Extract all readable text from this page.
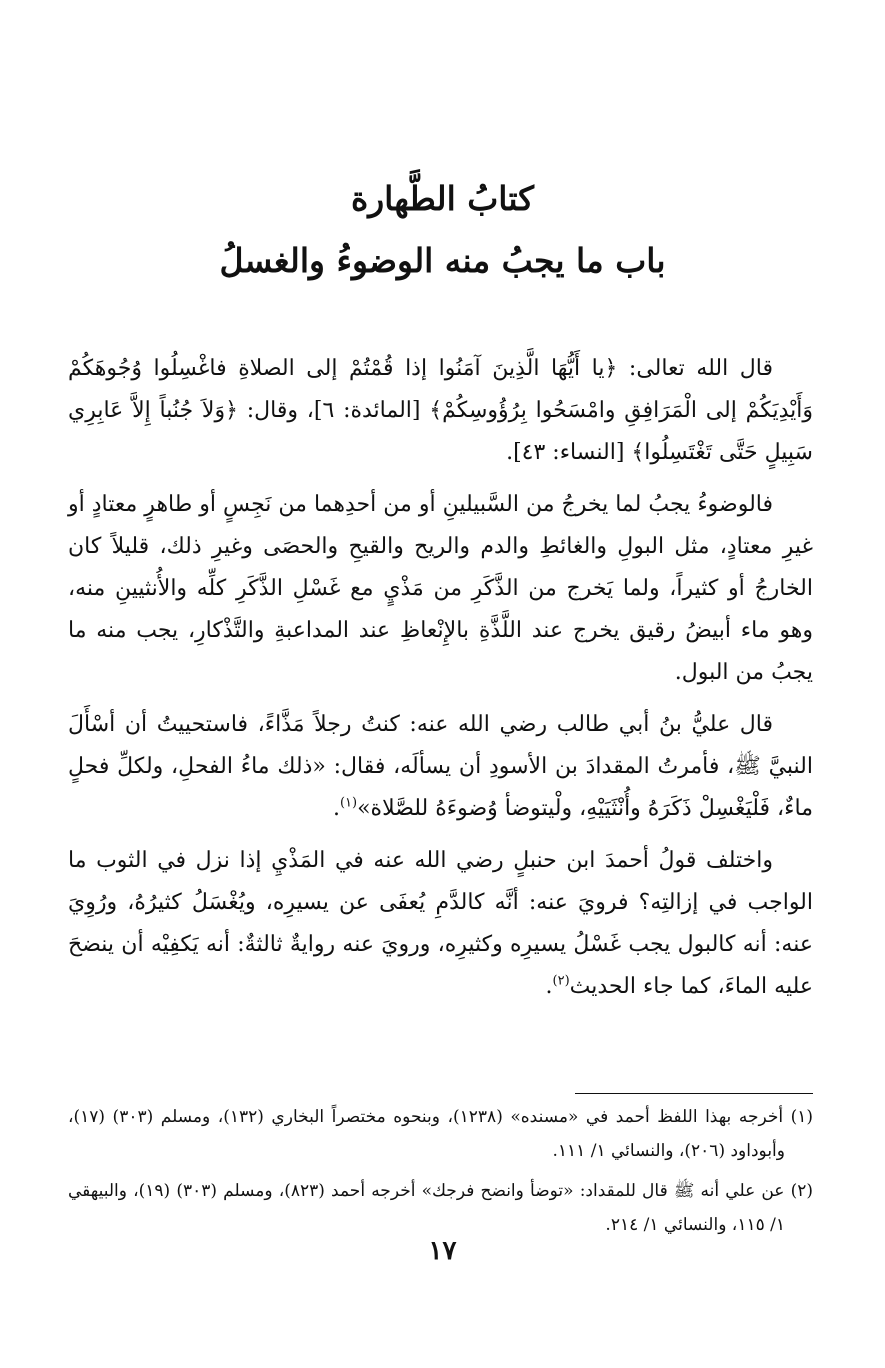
كتابُ الطَّهارة
باب ما يجبُ منه الوضوءُ والغسلُ

قال الله تعالى: ﴿يا أَيُّهَا الَّذِينَ آمَنُوا إذا قُمْتُمْ إلى الصلاةِ فاغْسِلُوا وُجُوهَكُمْ وَأَيْدِيَكُمْ إلى الْمَرَافِقِ وامْسَحُوا بِرُؤُوسِكُمْ﴾ [المائدة: ٦]، وقال: ﴿وَلاَ جُنُباً إِلاَّ عَابِرِي سَبِيلٍ حَتَّى تَغْتَسِلُوا﴾ [النساء: ٤٣].

فالوضوءُ يجبُ لما يخرجُ من السَّبيلينِ أو من أحدِهما من نَجِسٍ أو طاهرٍ معتادٍ أو غيرِ معتادٍ، مثل البولِ والغائطِ والدم والريح والقيحِ والحصَى وغيرِ ذلك، قليلاً كان الخارجُ أو كثيراً، ولما يَخرج من الذَّكَرِ من مَذْيٍ مع غَسْلِ الذَّكَرِ كلِّه والأُنثيينِ منه، وهو ماء أبيضُ رقيق يخرج عند اللَّذَّةِ بالإِنْعاظِ عند المداعبةِ والتَّذْكارِ، يجب منه ما يجبُ من البول.

قال عليُّ بنُ أبي طالب رضي الله عنه: كنتُ رجلاً مَذَّاءً، فاستحييتُ أن أسْأَلَ النبيَّ ﷺ، فأمرتُ المقدادَ بن الأسودِ أن يسألَه، فقال: «ذلك ماءُ الفحلِ، ولكلِّ فحلٍ ماءٌ، فَلْيَغْسِلْ ذَكَرَهُ وأُنْثَيَيْهِ، ولْيتوضأ وُضوءَهُ للصَّلاة»$^{(١)}$.

واختلف قولُ أحمدَ ابن حنبلٍ رضي الله عنه في المَذْيِ إذا نزل في الثوب ما الواجب في إزالتِه؟ فرويَ عنه: أنَّه كالدَّمِ يُعفَى عن يسيرِه، ويُغْسَلُ كثيرُهُ، ورُوِيَ عنه: أنه كالبول يجب غَسْلُ يسيرِه وكثيرِه، ورويَ عنه روايةٌ ثالثةٌ: أنه يَكفِيْه أن ينضحَ عليه الماءَ، كما جاء الحديث$^{(٢)}$.

(١) أخرجه بهذا اللفظ أحمد في «مسنده» (١٢٣٨)، وبنحوه مختصراً البخاري (١٣٢)، ومسلم (٣٠٣) (١٧)، وأبوداود (٢٠٦)، والنسائي ١/ ١١١.

(٢) عن علي أنه ﷺ قال للمقداد: «توضأ وانضح فرجك» أخرجه أحمد (٨٢٣)، ومسلم (٣٠٣) (١٩)، والبيهقي ١/ ١١٥، والنسائي ١/ ٢١٤.

١٧
